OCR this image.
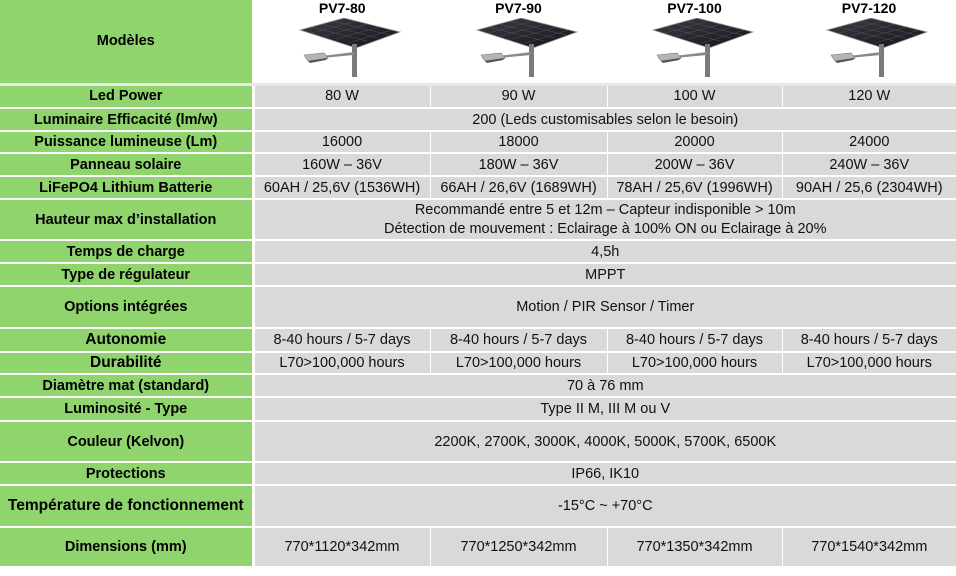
Modèles	PV7-80	PV7-90	PV7-100	PV7-120

Led Power	80 W	90 W	100 W	120 W
Luminaire Efficacité (lm/w)	200 (Leds customisables selon le besoin)			
Puissance lumineuse (Lm)	16000	18000	20000	24000
Panneau solaire	160W – 36V	180W – 36V	200W – 36V	240W – 36V
LiFePO4 Lithium Batterie	60AH / 25,6V (1536WH)	66AH / 26,6V (1689WH)	78AH / 25,6V (1996WH)	90AH / 25,6 (2304WH)
Hauteur max d’installation	Recommandé entre 5 et 12m – Capteur indisponible > 10m
Détection de mouvement : Eclairage à 100% ON ou Eclairage à 20%			

Temps de charge	4,5h			
Type de régulateur	MPPT			
Options intégrées	Motion / PIR Sensor / Timer			
Autonomie	8-40 hours / 5-7 days	8-40 hours / 5-7 days	8-40 hours / 5-7 days	8-40 hours / 5-7 days
Durabilité	L70>100,000 hours	L70>100,000 hours	L70>100,000 hours	L70>100,000 hours
Diamètre mat (standard)	70 à 76 mm			
Luminosité - Type	Type II M, III M ou V			
Couleur (Kelvon)	2200K, 2700K, 3000K, 4000K, 5000K, 5700K, 6500K			
Protections	IP66, IK10			
Température de fonctionnement	-15°C ~ +70°C			
Dimensions (mm)	770*1120*342mm	770*1250*342mm	770*1350*342mm	770*1540*342mm
